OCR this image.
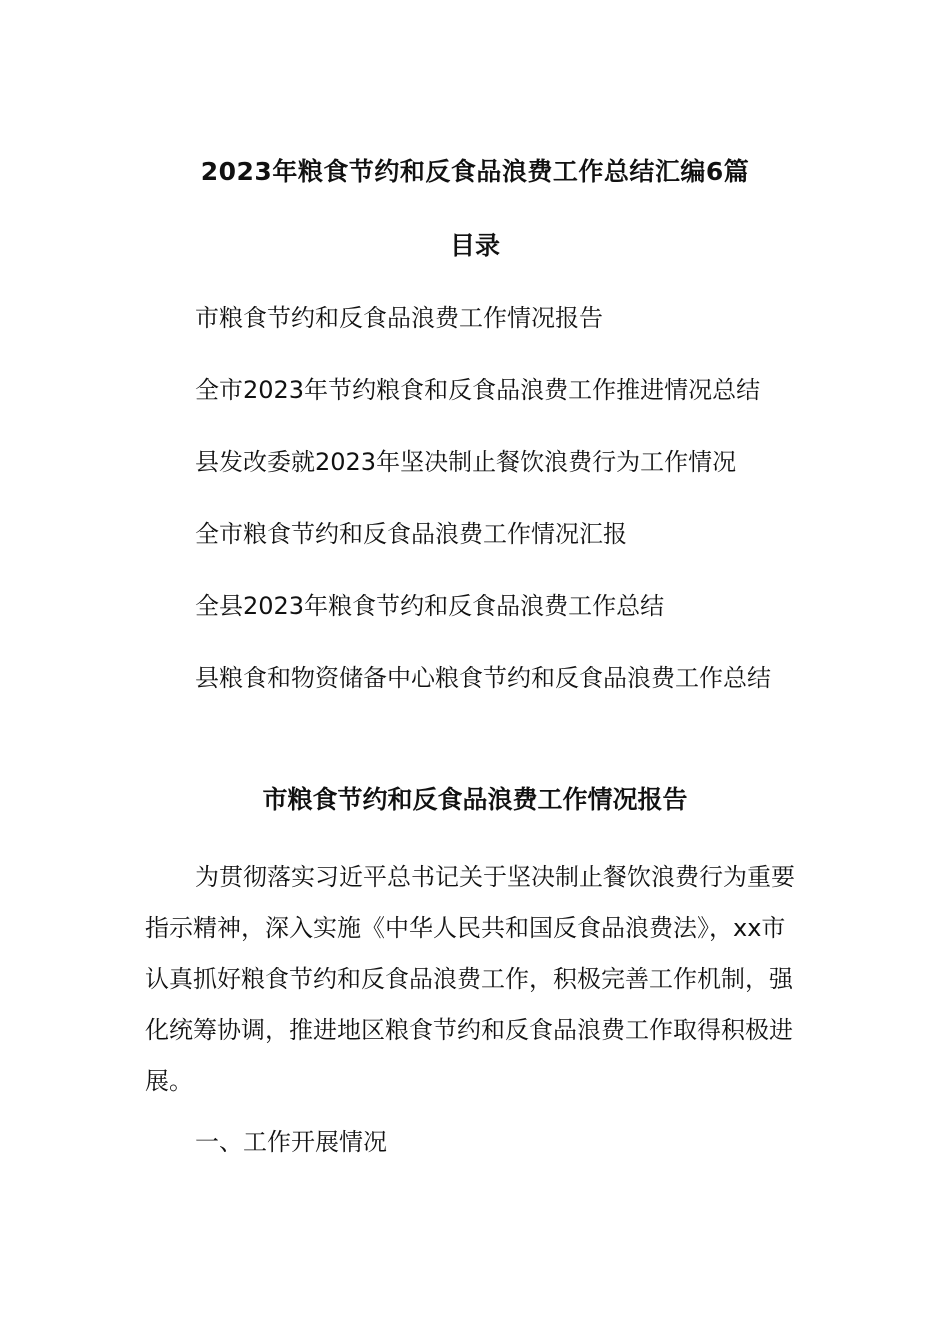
2023年粮食节约和反食品浪费工作总结汇编6篇
目录
市粮食节约和反食品浪费工作情况报告
全市2023年节约粮食和反食品浪费工作推进情况总结
县发改委就2023年坚决制止餐饮浪费行为工作情况
全市粮食节约和反食品浪费工作情况汇报
全县2023年粮食节约和反食品浪费工作总结
县粮食和物资储备中心粮食节约和反食品浪费工作总结
市粮食节约和反食品浪费工作情况报告

为贯彻落实习近平总书记关于坚决制止餐饮浪费行为重要指示精神，深入实施《中华人民共和国反食品浪费法》，xx市认真抓好粮食节约和反食品浪费工作，积极完善工作机制，强化统筹协调，推进地区粮食节约和反食品浪费工作取得积极进展。

一、工作开展情况
